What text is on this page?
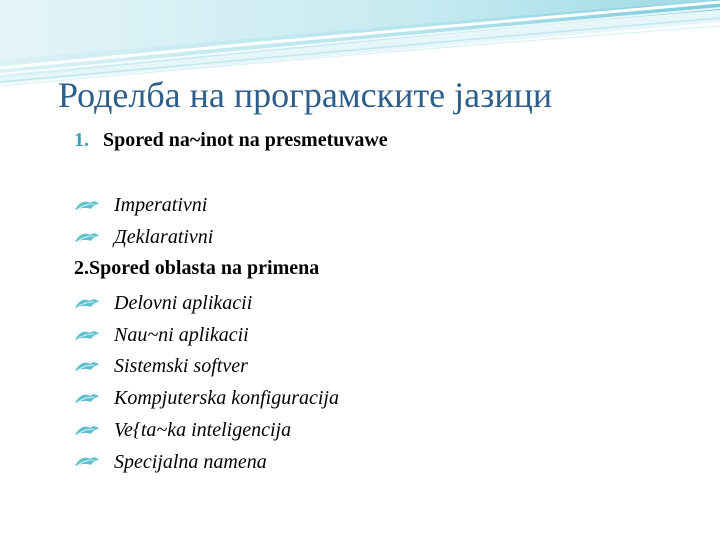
Роделба на програмските јазици
1. Spored na~inot na presmetuvawe
Imperativni
Дeklarativni
2.Spored oblasta na primena
Delovni aplikacii
Nau~ni aplikacii
Sistemski softver
Kompjuterska konfiguracija
Ve{ta~ka inteligencija
Specijalna namena
